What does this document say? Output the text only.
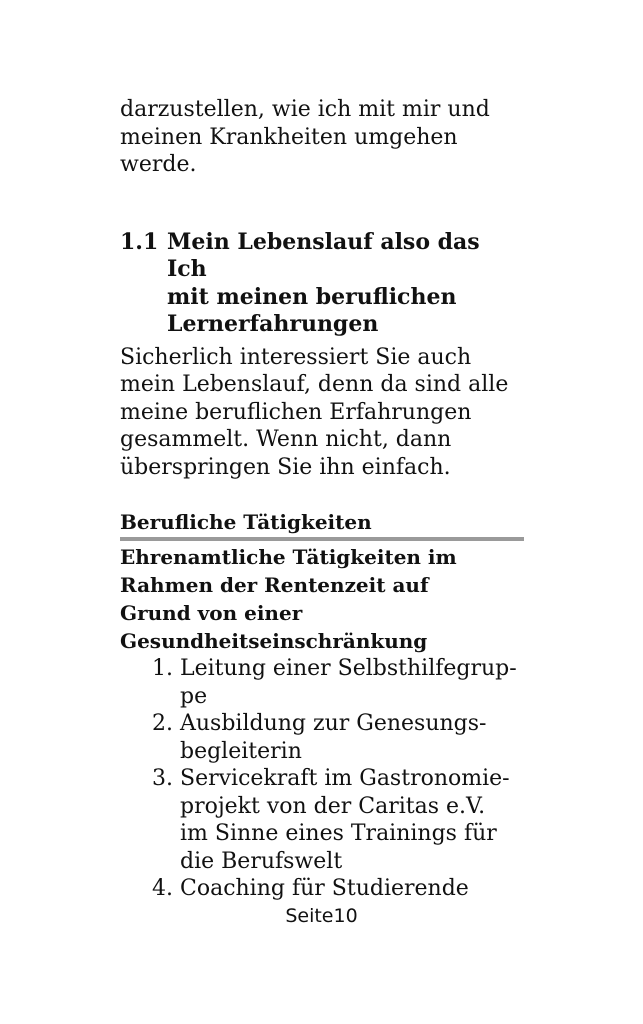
darzustellen, wie ich mit mir und
meinen Krankheiten umgehen
werde.

1.1 Mein Lebenslauf also das Ich
mit meinen beruflichen
Lernerfahrungen

Sicherlich interessiert Sie auch
mein Lebenslauf, denn da sind alle
meine beruflichen Erfahrungen
gesammelt. Wenn nicht, dann
überspringen Sie ihn einfach.

Berufliche Tätigkeiten
Ehrenamtliche Tätigkeiten im
Rahmen der Rentenzeit auf
Grund von einer
Gesundheitseinschränkung
1. Leitung einer Selbsthilfegrup-
pe
2. Ausbildung zur Genesungs-
begleiterin
3. Servicekraft im Gastronomie-
projekt von der Caritas e.V.
im Sinne eines Trainings für
die Berufswelt
4. Coaching für Studierende
Seite10
